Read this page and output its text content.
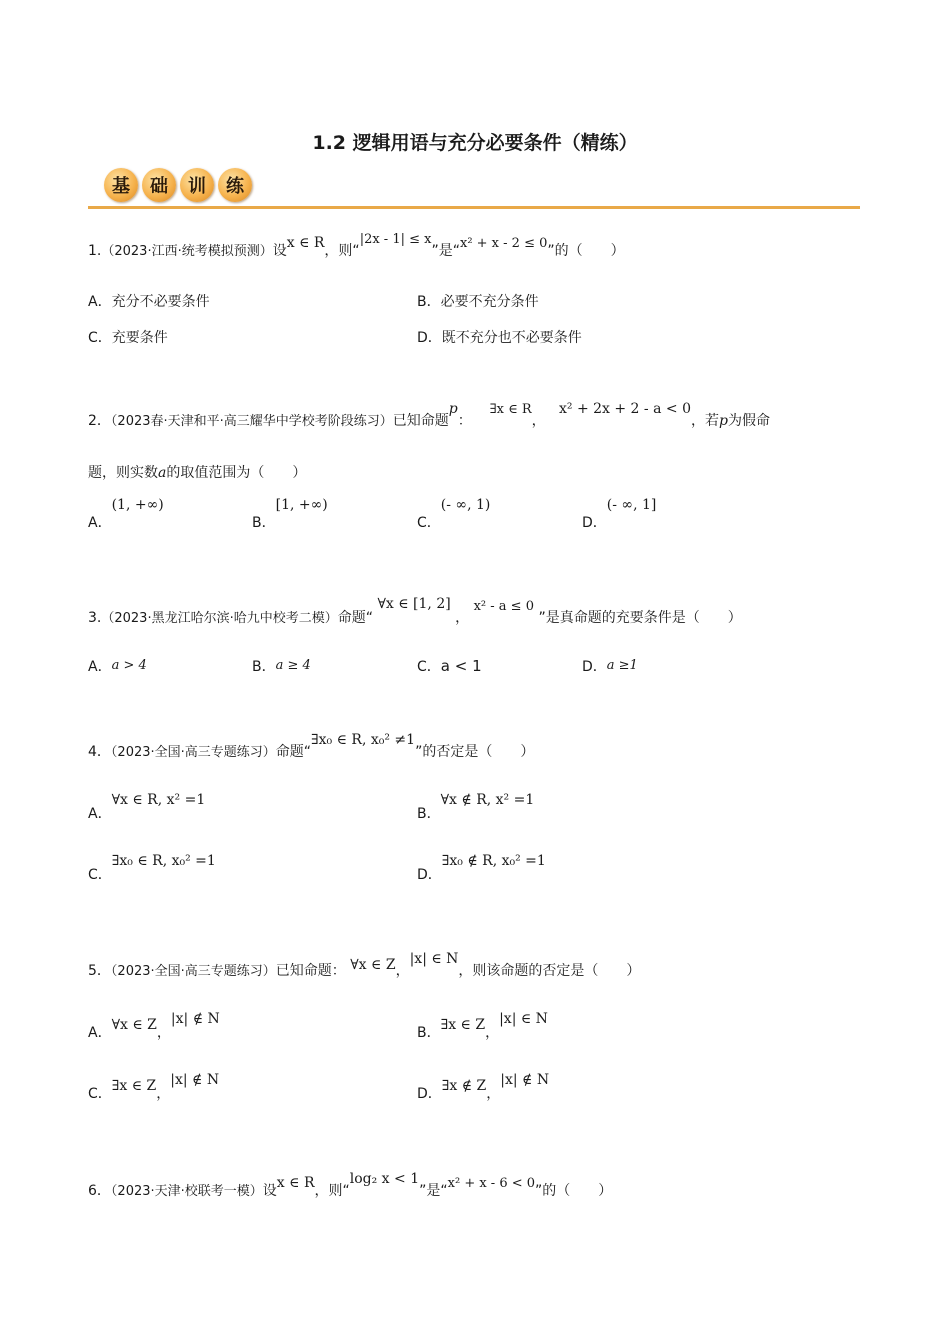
1.2 逻辑用语与充分必要条件（精练）
基	础	训	练
1.（2023·江西·统考模拟预测）设x ∈ R，则“|2x - 1| ≤ x”是“x² + x - 2 ≤ 0”的（　　）
A．充分不必要条件	B．必要不充分条件
C．充要条件	D．既不充分也不必要条件
2．（2023春·天津和平·高三耀华中学校考阶段练习）已知命题p：    ∃x ∈ R，   x² + 2x + 2 - a < 0，若p为假命
题，则实数a的取值范围为（　　）
A．(1, +∞)
B．[1, +∞)
C．(- ∞, 1)
D．(- ∞, 1]
3.（2023·黑龙江哈尔滨·哈九中校考二模）命题“ ∀x ∈ [1, 2] ， x² - a ≤ 0 ”是真命题的充要条件是（　　）
A．a > 4	B．a ≥ 4	C．a < 1	D．a ≥1
4．（2023·全国·高三专题练习）命题“∃x₀ ∈ R, x₀² ≠1”的否定是（　　）
A．∀x ∈ R, x² =1
B．∀x ∉ R, x² =1
C．∃x₀ ∈ R, x₀² =1
D．∃x₀ ∉ R, x₀² =1
5．（2023·全国·高三专题练习）已知命题： ∀x ∈ Z，|x| ∈ N，则该命题的否定是（　　）
A．∀x ∈ Z，|x| ∉ N
B．∃x ∈ Z，|x| ∈ N
C．∃x ∈ Z，|x| ∉ N
D．∃x ∉ Z，|x| ∉ N
6．（2023·天津·校联考一模）设x ∈ R，则“log₂ x < 1”是“x² + x - 6 < 0”的（　　）
